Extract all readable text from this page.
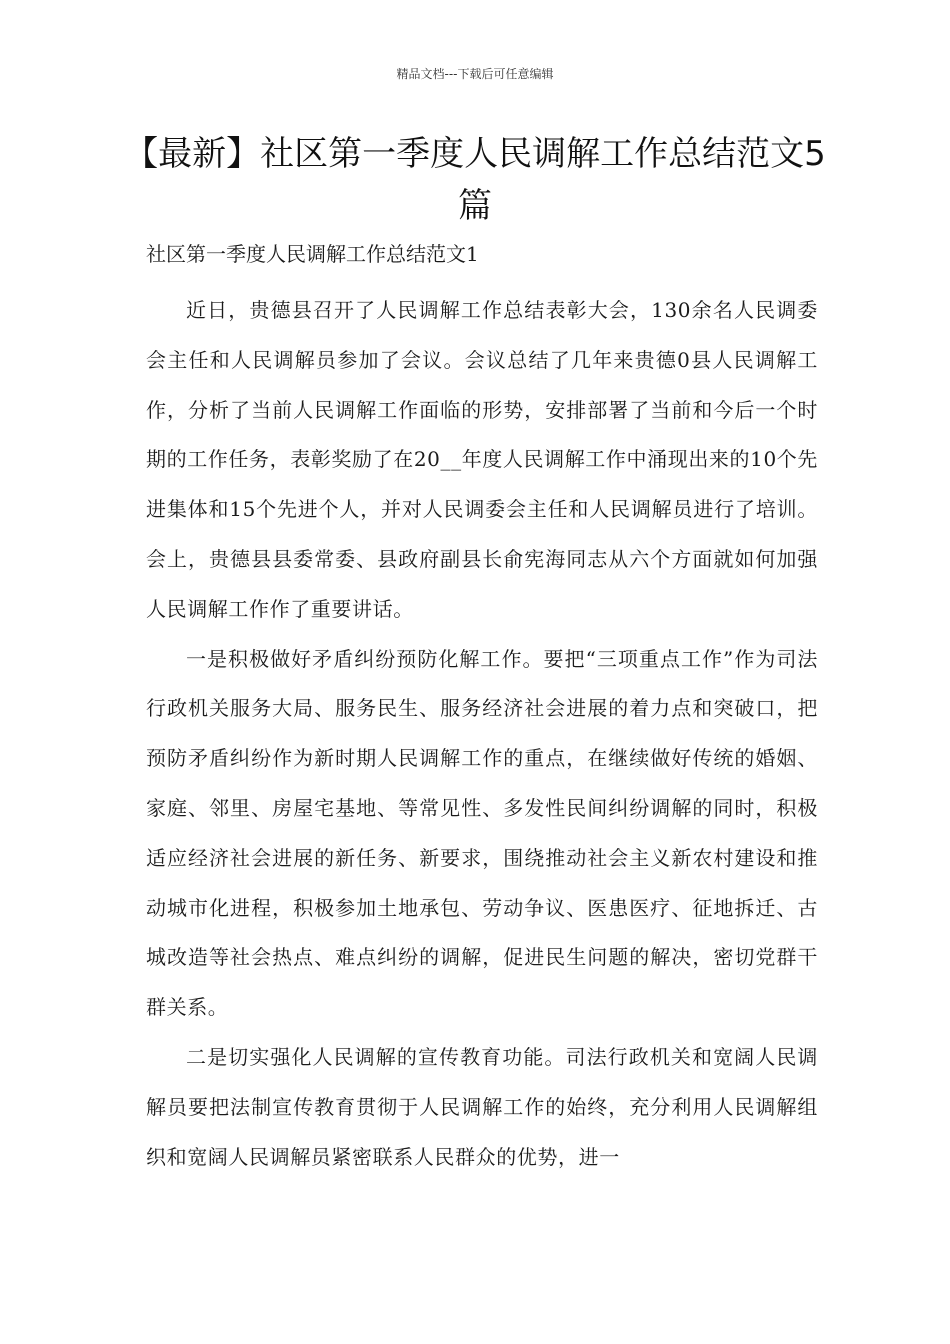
精品文档---下载后可任意编辑
【最新】社区第一季度人民调解工作总结范文5篇

社区第一季度人民调解工作总结范文1

近日，贵德县召开了人民调解工作总结表彰大会，130余名人民调委会主任和人民调解员参加了会议。会议总结了几年来贵德0县人民调解工作，分析了当前人民调解工作面临的形势，安排部署了当前和今后一个时期的工作任务，表彰奖励了在20__年度人民调解工作中涌现出来的10个先进集体和15个先进个人，并对人民调委会主任和人民调解员进行了培训。会上，贵德县县委常委、县政府副县长俞宪海同志从六个方面就如何加强人民调解工作作了重要讲话。

一是积极做好矛盾纠纷预防化解工作。要把“三项重点工作”作为司法行政机关服务大局、服务民生、服务经济社会进展的着力点和突破口，把预防矛盾纠纷作为新时期人民调解工作的重点，在继续做好传统的婚姻、家庭、邻里、房屋宅基地、等常见性、多发性民间纠纷调解的同时，积极适应经济社会进展的新任务、新要求，围绕推动社会主义新农村建设和推动城市化进程，积极参加土地承包、劳动争议、医患医疗、征地拆迁、古城改造等社会热点、难点纠纷的调解，促进民生问题的解决，密切党群干群关系。

二是切实强化人民调解的宣传教育功能。司法行政机关和宽阔人民调解员要把法制宣传教育贯彻于人民调解工作的始终，充分利用人民调解组织和宽阔人民调解员紧密联系人民群众的优势，进一
